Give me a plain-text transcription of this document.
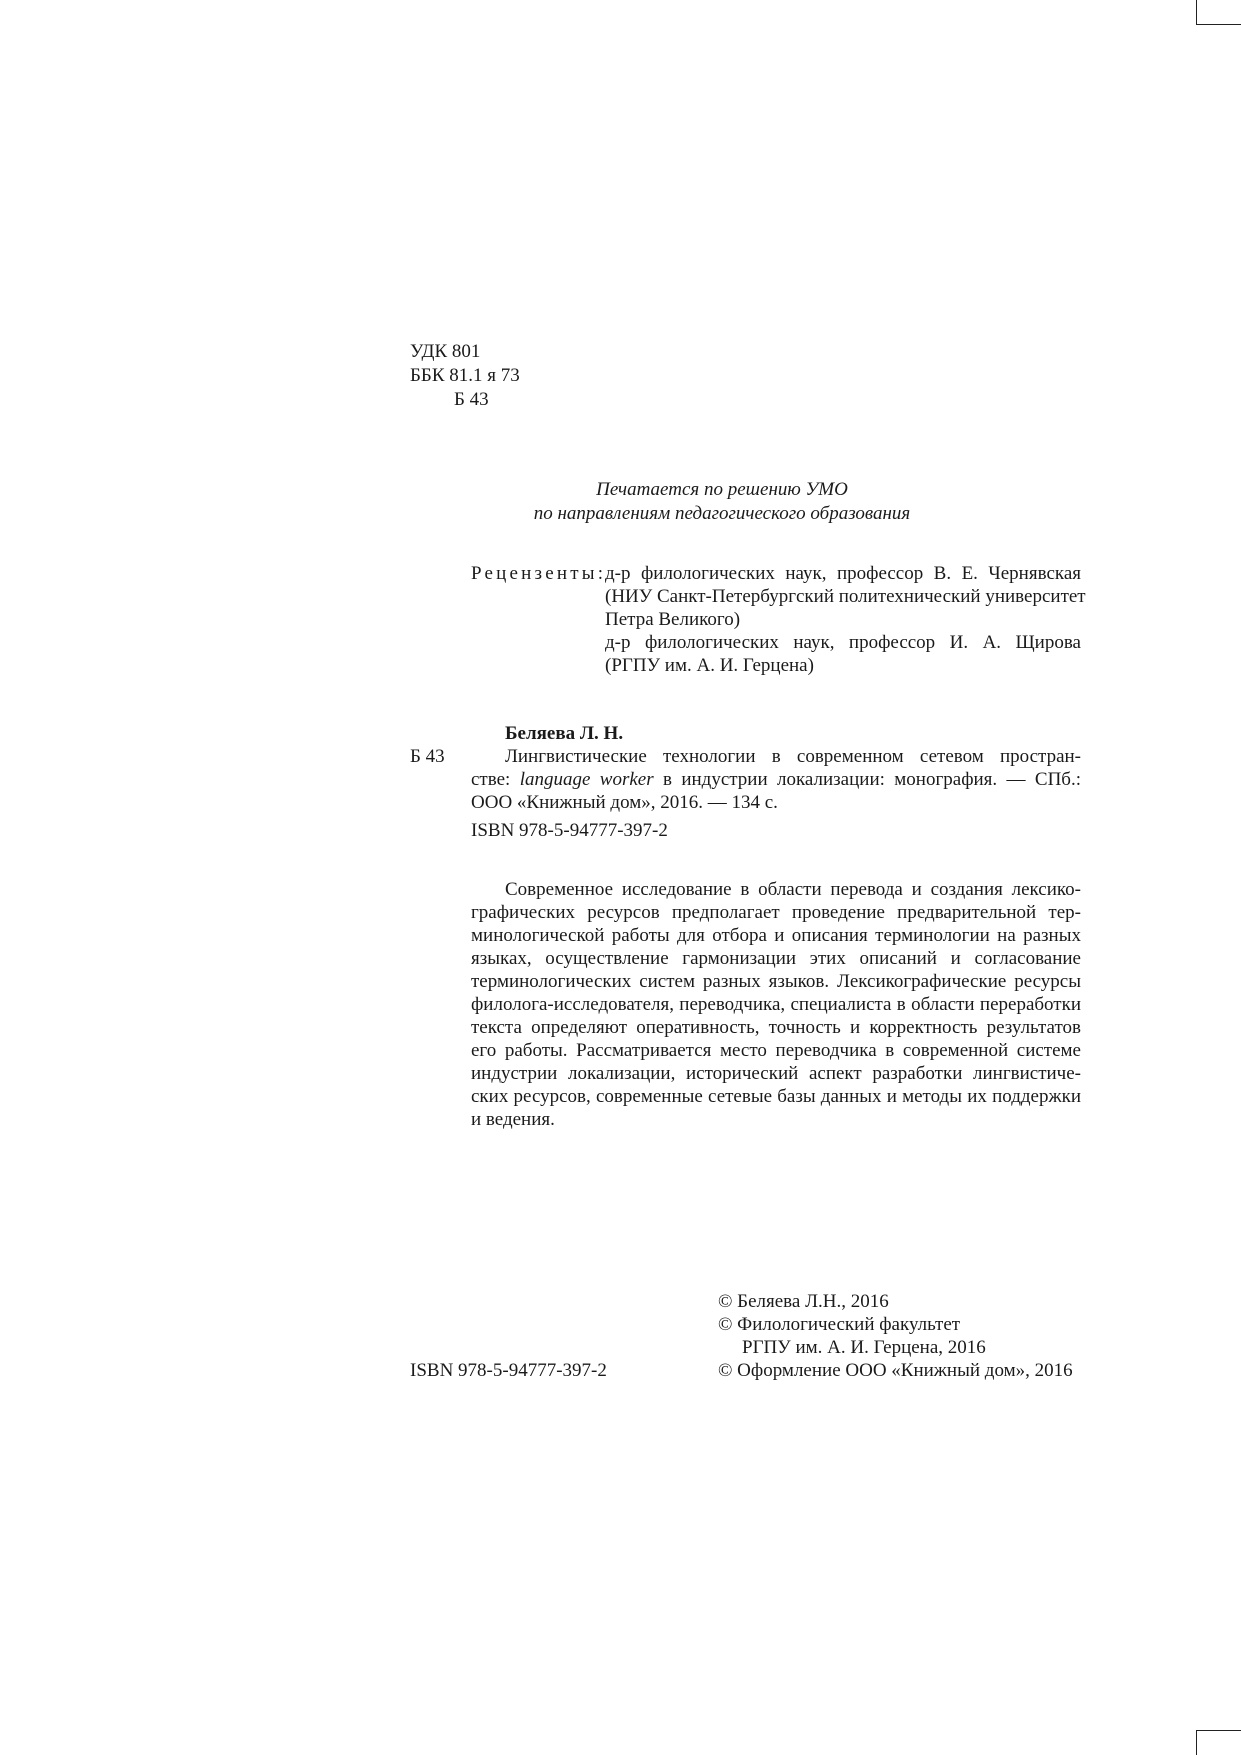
УДК 801
ББК 81.1 я 73
Б 43
Печатается по решению УМО
по направлениям педагогического образования
Рецензенты:
д-р филологических наук, профессор В. Е. Чернявская
(НИУ Санкт-Петербургский политехнический университет
Петра Великого)
д-р филологических наук, профессор И. А. Щирова
(РГПУ им. А. И. Герцена)
Б 43
Беляева Л. Н.
Лингвистические технологии в современном сетевом простран-
стве: language worker в индустрии локализации: монография. — СПб.:
ООО «Книжный дом», 2016. — 134 с.
ISBN 978-5-94777-397-2
Современное исследование в области перевода и создания лексико-
графических ресурсов предполагает проведение предварительной тер-
минологической работы для отбора и описания терминологии на разных
языках, осуществление гармонизации этих описаний и согласование
терминологических систем разных языков. Лексикографические ресурсы
филолога-исследователя, переводчика, специалиста в области переработки
текста определяют оперативность, точность и корректность результатов
его работы. Рассматривается место переводчика в современной системе
индустрии локализации, исторический аспект разработки лингвистиче-
ских ресурсов, современные сетевые базы данных и методы их поддержки
и ведения.
© Беляева Л.Н., 2016
© Филологический факультет
РГПУ им. А. И. Герцена, 2016
ISBN 978-5-94777-397-2	© Оформление ООО «Книжный дом», 2016
